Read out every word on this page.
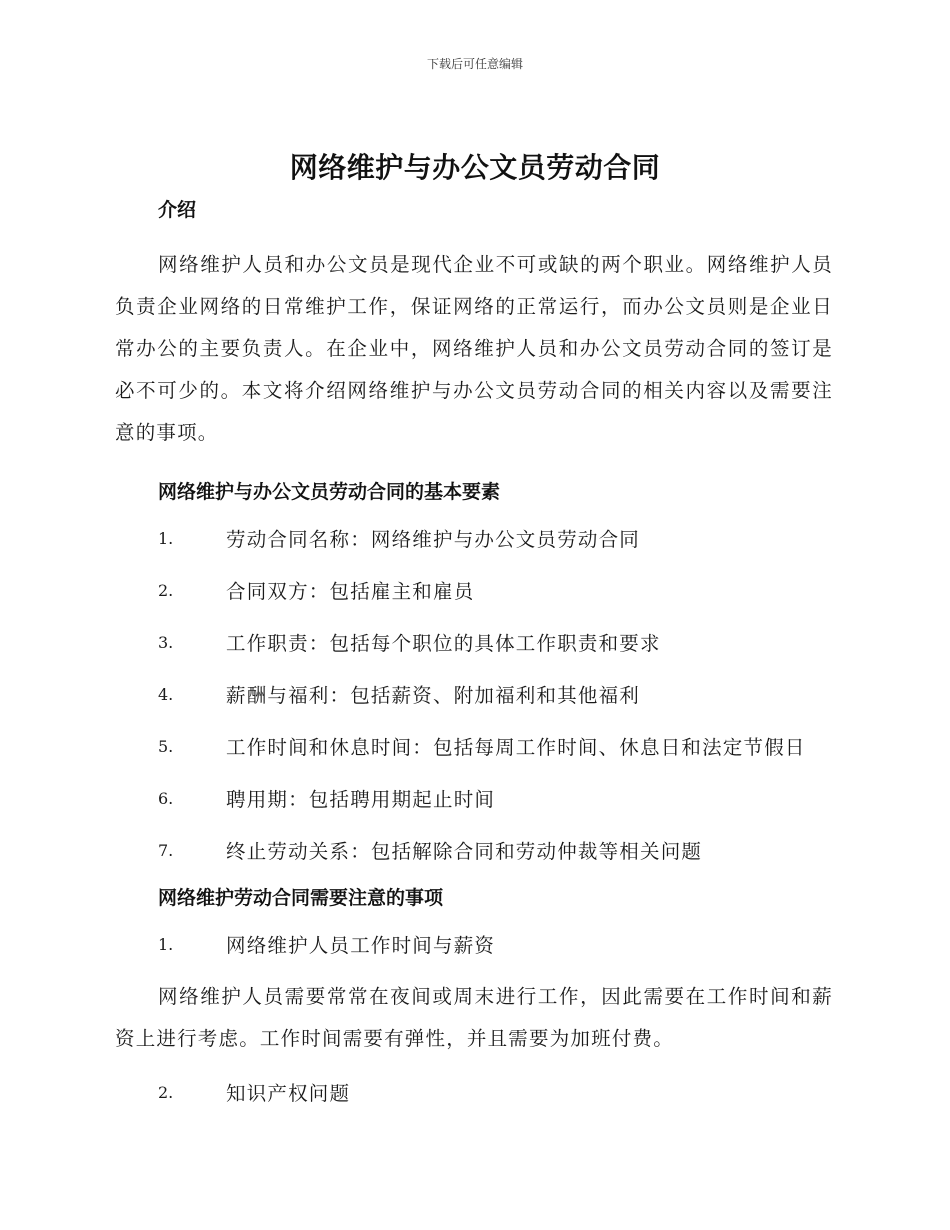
下载后可任意编辑
网络维护与办公文员劳动合同
介绍

网络维护人员和办公文员是现代企业不可或缺的两个职业。网络维护人员负责企业网络的日常维护工作，保证网络的正常运行，而办公文员则是企业日常办公的主要负责人。在企业中，网络维护人员和办公文员劳动合同的签订是必不可少的。本文将介绍网络维护与办公文员劳动合同的相关内容以及需要注意的事项。

网络维护与办公文员劳动合同的基本要素
1.	劳动合同名称：网络维护与办公文员劳动合同
2.	合同双方：包括雇主和雇员
3.	工作职责：包括每个职位的具体工作职责和要求
4.	薪酬与福利：包括薪资、附加福利和其他福利
5.	工作时间和休息时间：包括每周工作时间、休息日和法定节假日
6.	聘用期：包括聘用期起止时间
7.	终止劳动关系：包括解除合同和劳动仲裁等相关问题
网络维护劳动合同需要注意的事项
1.	网络维护人员工作时间与薪资

网络维护人员需要常常在夜间或周末进行工作，因此需要在工作时间和薪资上进行考虑。工作时间需要有弹性，并且需要为加班付费。

2.	知识产权问题
